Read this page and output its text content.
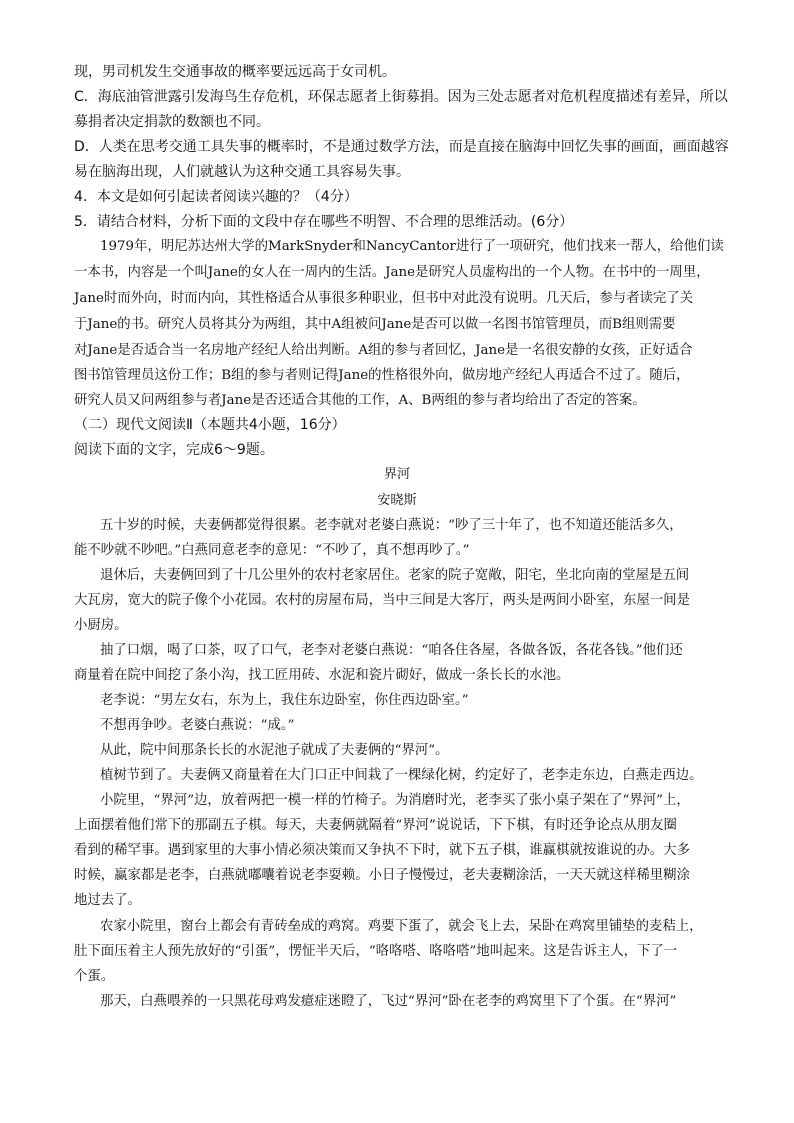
现，男司机发生交通事故的概率要远远高于女司机。
C．海底油管泄露引发海鸟生存危机，环保志愿者上街募捐。因为三处志愿者对危机程度描述有差异，所以
募捐者决定捐款的数额也不同。
D．人类在思考交通工具失事的概率时，不是通过数学方法，而是直接在脑海中回忆失事的画面，画面越容
易在脑海出现，人们就越认为这种交通工具容易失事。
4．本文是如何引起读者阅读兴趣的？（4分）
5．请结合材料，分析下面的文段中存在哪些不明智、不合理的思维活动。(6分）
1979年，明尼苏达州大学的MarkSnyder和NancyCantor进行了一项研究，他们找来一帮人，给他们读
一本书，内容是一个叫Jane的女人在一周内的生活。Jane是研究人员虚构出的一个人物。在书中的一周里，
Jane时而外向，时而内向，其性格适合从事很多种职业，但书中对此没有说明。几天后，参与者读完了关
于Jane的书。研究人员将其分为两组，其中A组被问Jane是否可以做一名图书馆管理员，而B组则需要
对Jane是否适合当一名房地产经纪人给出判断。A组的参与者回忆，Jane是一名很安静的女孩，正好适合
图书馆管理员这份工作；B组的参与者则记得Jane的性格很外向，做房地产经纪人再适合不过了。随后，
研究人员又问两组参与者Jane是否还适合其他的工作，A、B两组的参与者均给出了否定的答案。
（二）现代文阅读Ⅱ（本题共4小题，16分）
阅读下面的文字，完成6～9题。
界河
安晓斯
五十岁的时候，夫妻俩都觉得很累。老李就对老婆白燕说：“吵了三十年了，也不知道还能活多久，
能不吵就不吵吧。”白燕同意老李的意见：“不吵了，真不想再吵了。”
退休后，夫妻俩回到了十几公里外的农村老家居住。老家的院子宽敞，阳宅，坐北向南的堂屋是五间
大瓦房，宽大的院子像个小花园。农村的房屋布局，当中三间是大客厅，两头是两间小卧室，东屋一间是
小厨房。
抽了口烟，喝了口茶，叹了口气，老李对老婆白燕说：“咱各住各屋，各做各饭，各花各钱。”他们还
商量着在院中间挖了条小沟，找工匠用砖、水泥和瓷片砌好，做成一条长长的水池。
老李说：“男左女右，东为上，我住东边卧室，你住西边卧室。”
不想再争吵。老婆白燕说：“成。”
从此，院中间那条长长的水泥池子就成了夫妻俩的“界河”。
植树节到了。夫妻俩又商量着在大门口正中间栽了一棵绿化树，约定好了，老李走东边，白燕走西边。
小院里，“界河”边，放着两把一模一样的竹椅子。为消磨时光，老李买了张小桌子架在了“界河”上，
上面摆着他们常下的那副五子棋。每天，夫妻俩就隔着“界河”说说话，下下棋，有时还争论点从朋友圈
看到的稀罕事。遇到家里的大事小情必须决策而又争执不下时，就下五子棋，谁赢棋就按谁说的办。大多
时候，赢家都是老李，白燕就嘟囔着说老李耍赖。小日子慢慢过，老夫妻糊涂活，一天天就这样稀里糊涂
地过去了。
农家小院里，窗台上都会有青砖垒成的鸡窝。鸡要下蛋了，就会飞上去，呆卧在鸡窝里铺垫的麦秸上，
肚下面压着主人预先放好的“引蛋”，愣怔半天后，“咯咯嗒、咯咯嗒”地叫起来。这是告诉主人，下了一
个蛋。
那天，白燕喂养的一只黑花母鸡发癔症迷瞪了，飞过“界河”卧在老李的鸡窝里下了个蛋。在“界河”
